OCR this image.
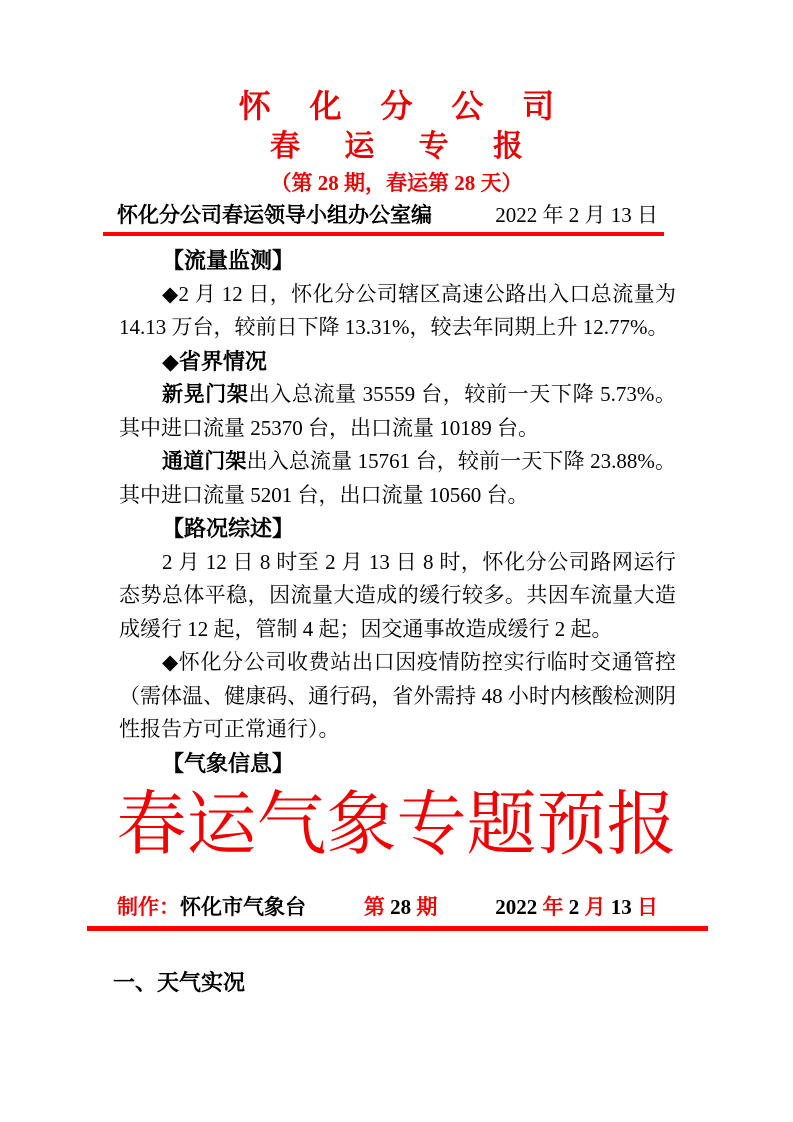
怀 化 分 公 司
春 运 专 报
（第 28 期，春运第 28 天）
怀化分公司春运领导小组办公室编	2022 年 2 月 13 日
【流量监测】
◆2 月 12 日，怀化分公司辖区高速公路出入口总流量为 14.13 万台，较前日下降 13.31%，较去年同期上升 12.77%。
◆省界情况
新晃门架出入总流量 35559 台，较前一天下降 5.73%。其中进口流量 25370 台，出口流量 10189 台。
通道门架出入总流量 15761 台，较前一天下降 23.88%。其中进口流量 5201 台，出口流量 10560 台。
【路况综述】
2 月 12 日 8 时至 2 月 13 日 8 时，怀化分公司路网运行态势总体平稳，因流量大造成的缓行较多。共因车流量大造成缓行 12 起，管制 4 起；因交通事故造成缓行 2 起。
◆怀化分公司收费站出口因疫情防控实行临时交通管控（需体温、健康码、通行码，省外需持 48 小时内核酸检测阴性报告方可正常通行）。
【气象信息】
春运气象专题预报
制作：怀化市气象台	第 28 期	2022 年 2 月 13 日
一、天气实况
